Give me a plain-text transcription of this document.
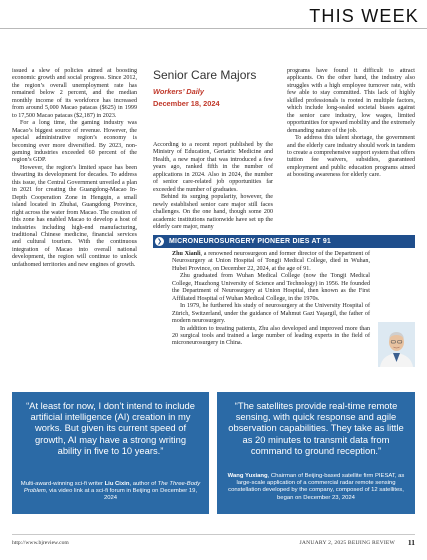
THIS WEEK

issued a slew of policies aimed at boosting economic growth and social progress. Since 2012, the region’s overall unemployment rate has remained below 2 percent, and the median monthly income of its workforce has increased from around 5,000 Macao patacas ($625) in 1999 to 17,500 Macao patacas ($2,187) in 2023.

For a long time, the gaming industry was Macao’s biggest source of revenue. However, the special administrative region’s economy is becoming ever more diversified. By 2023, non-gaming industries exceeded 60 percent of the region’s GDP.

However, the region’s limited space has been thwarting its development for decades. To address this issue, the Central Government unveiled a plan in 2021 for creating the Guangdong-Macao In-Depth Cooperation Zone in Hengqin, a small island located in Zhuhai, Guangdong Province, right across the water from Macao. The creation of this zone has enabled Macao to develop a host of industries including high-end manufacturing, traditional Chinese medicine, financial services and cultural tourism. With the continuous integration of Macao into overall national development, the region will continue to unlock unfathomed territories and new engines of growth.

Senior Care Majors
Workers’ Daily
December 18, 2024

According to a recent report published by the Ministry of Education, Geriatric Medicine and Health, a new major that was introduced a few years ago, ranked fifth in the number of applications in 2024. Also in 2024, the number of senior care-related job opportunities far exceeded the number of graduates.

Behind its surging popularity, however, the newly established senior care major still faces challenges. On the one hand, though some 200 academic institutions nationwide have set up the elderly care major, many

programs have found it difficult to attract applicants. On the other hand, the industry also struggles with a high employee turnover rate, with few able to stay committed. This lack of highly skilled professionals is rooted in multiple factors, which include long-sealed societal biases against the senior care industry, low wages, limited opportunities for upward mobility and the extremely demanding nature of the job.

To address this talent shortage, the government and the elderly care industry should work in tandem to create a comprehensive support system that offers tuition fee waivers, subsidies, guaranteed employment and public education programs aimed at boosting awareness for elderly care.

MICRONEUROSURGERY PIONEER DIES AT 91
❯

Zhu Xianli, a renowned neurosurgeon and former director of the Department of Neurosurgery at Union Hospital of Tongji Medical College, died in Wuhan, Hubei Province, on December 22, 2024, at the age of 91.

Zhu graduated from Wuhan Medical College (now the Tongji Medical College, Huazhong University of Science and Technology) in 1956. He founded the Department of Neurosurgery at Union Hospital, then known as the First Affiliated Hospital of Wuhan Medical College, in the 1970s.

In 1979, he furthered his study of neurosurgery at the University Hospital of Zürich, Switzerland, under the guidance of Mahmut Gazi Yaşargil, the father of modern neurosurgery.

In addition to treating patients, Zhu also developed and improved more than 20 surgical tools and trained a large number of leading experts in the field of microneurosurgery in China.

“At least for now, I don’t intend to include artificial intelligence (AI) creation in my works. But given its current speed of growth, AI may have a strong writing ability in five to 10 years.”
Multi-award-winning sci-fi writer Liu Cixin, author of The Three-Body Problem, via video link at a sci-fi forum in Beijing on December 19, 2024
“The satellites provide real-time remote sensing, with quick response and agile observation capabilities. They take as little as 20 minutes to transmit data from command to ground reception.”
Wang Yuxiang, Chairman of Beijing-based satellite firm PIESAT, as large-scale application of a commercial radar remote sensing constellation developed by the company, composed of 12 satellites, began on December 23, 2024
http://www.bjreview.com	JANUARY 2, 2025 BEIJING REVIEW 11
